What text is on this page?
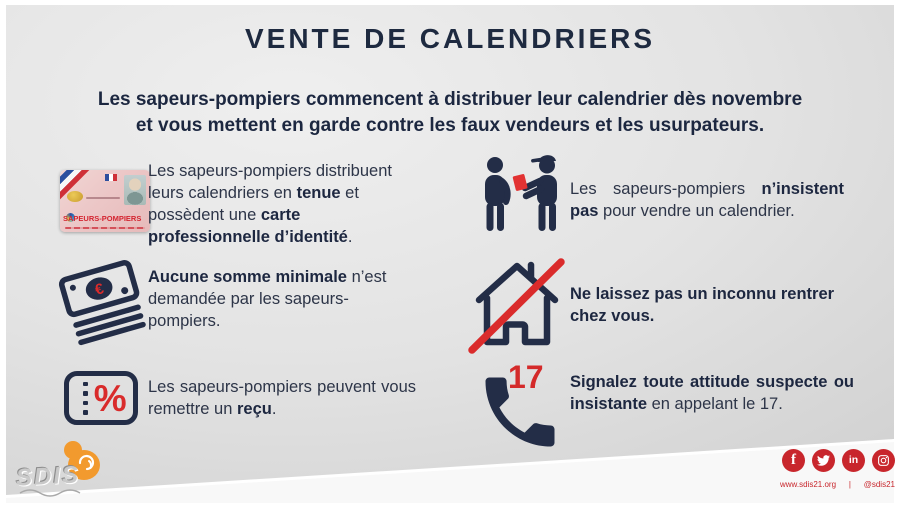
VENTE DE CALENDRIERS
Les sapeurs-pompiers commencent à distribuer leur calendrier dès novembre
et vous mettent en garde contre les faux vendeurs et les usurpateurs.
SAPEURS-POMPIERS
Les sapeurs-pompiers distribuent leurs calendriers en tenue et possèdent une carte professionnelle d’identité.
€
Aucune somme minimale n’est demandée par les sapeurs-pompiers.
%	Les sapeurs-pompiers peuvent vous remettre un reçu.
Les sapeurs-pompiers n’insistent pas pour vendre un calendrier.
Ne laissez pas un inconnu rentrer chez vous.
17 Signalez toute attitude suspecte ou insistante en appelant le 17.
SDIS
f	in
www.sdis21.org | @sdis21
